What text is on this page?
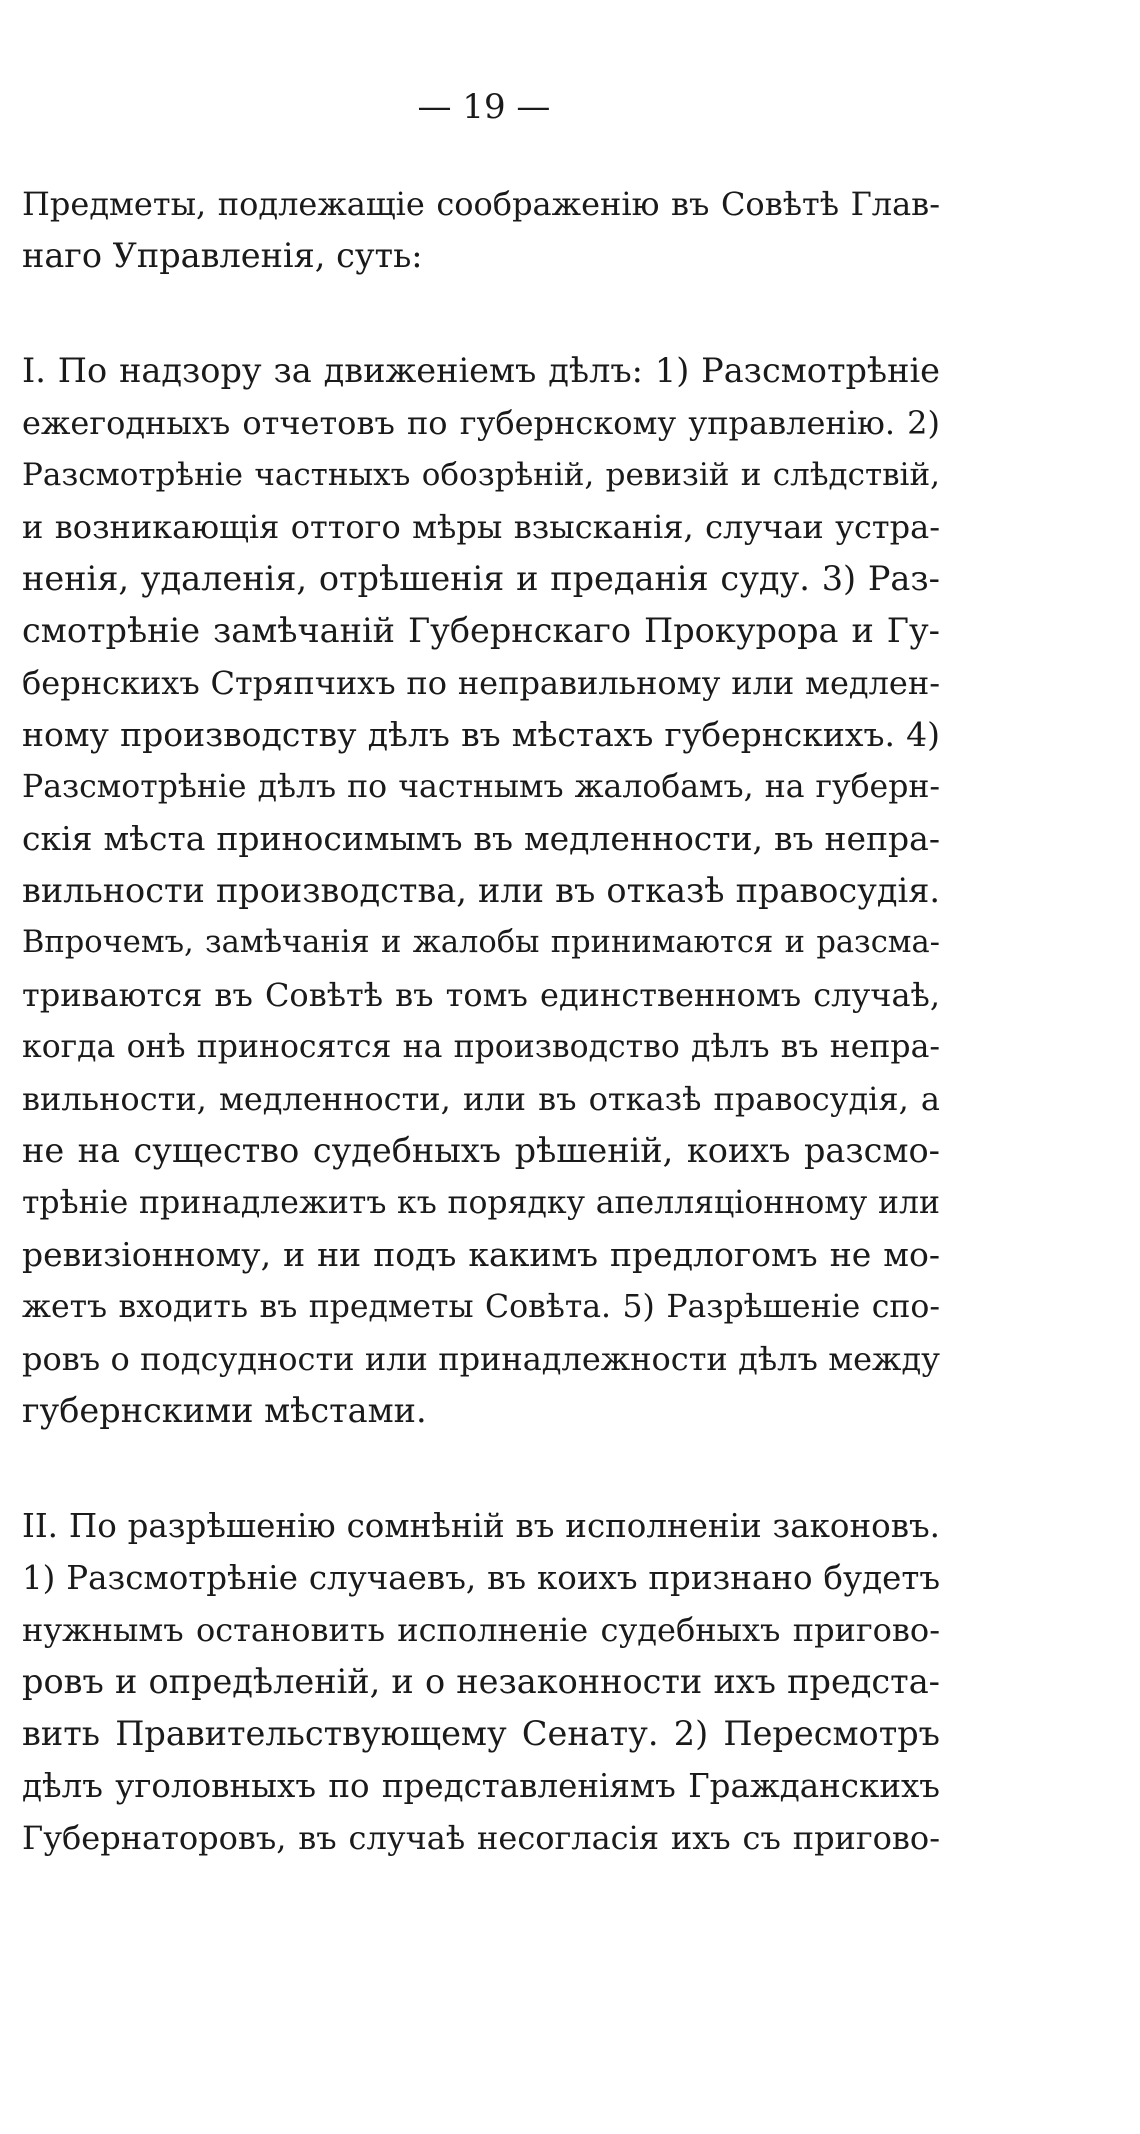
— 19 —

Предметы, подлежащіе соображенію въ Совѣтѣ Глав-
наго Управленія, суть:

I. По надзору за движеніемъ дѣлъ: 1) Разсмотрѣніе
ежегодныхъ отчетовъ по губернскому управленію. 2)
Разсмотрѣніе частныхъ обозрѣній, ревизій и слѣдствій,
и возникающія оттого мѣры взысканія, случаи устра-
ненія, удаленія, отрѣшенія и преданія суду. 3) Раз-
смотрѣніе замѣчаній Губернскаго Прокурора и Гу-
бернскихъ Стряпчихъ по неправильному или медлен-
ному производству дѣлъ въ мѣстахъ губернскихъ. 4)
Разсмотрѣніе дѣлъ по частнымъ жалобамъ, на губерн-
скія мѣста приносимымъ въ медленности, въ непра-
вильности производства, или въ отказѣ правосудія.
Впрочемъ, замѣчанія и жалобы принимаются и разсма-
триваются въ Совѣтѣ въ томъ единственномъ случаѣ,
когда онѣ приносятся на производство дѣлъ въ непра-
вильности, медленности, или въ отказѣ правосудія, а
не на существо судебныхъ рѣшеній, коихъ разсмо-
трѣніе принадлежитъ къ порядку апелляціонному или
ревизіонному, и ни подъ какимъ предлогомъ не мо-
жетъ входить въ предметы Совѣта. 5) Разрѣшеніе спо-
ровъ о подсудности или принадлежности дѣлъ между
губернскими мѣстами.

II. По разрѣшенію сомнѣній въ исполненіи законовъ.
1) Разсмотрѣніе случаевъ, въ коихъ признано будетъ
нужнымъ остановить исполненіе судебныхъ пригово-
ровъ и опредѣленій, и о незаконности ихъ предста-
вить Правительствующему Сенату. 2) Пересмотръ
дѣлъ уголовныхъ по представленіямъ Гражданскихъ
Губернаторовъ, въ случаѣ несогласія ихъ съ пригово-
